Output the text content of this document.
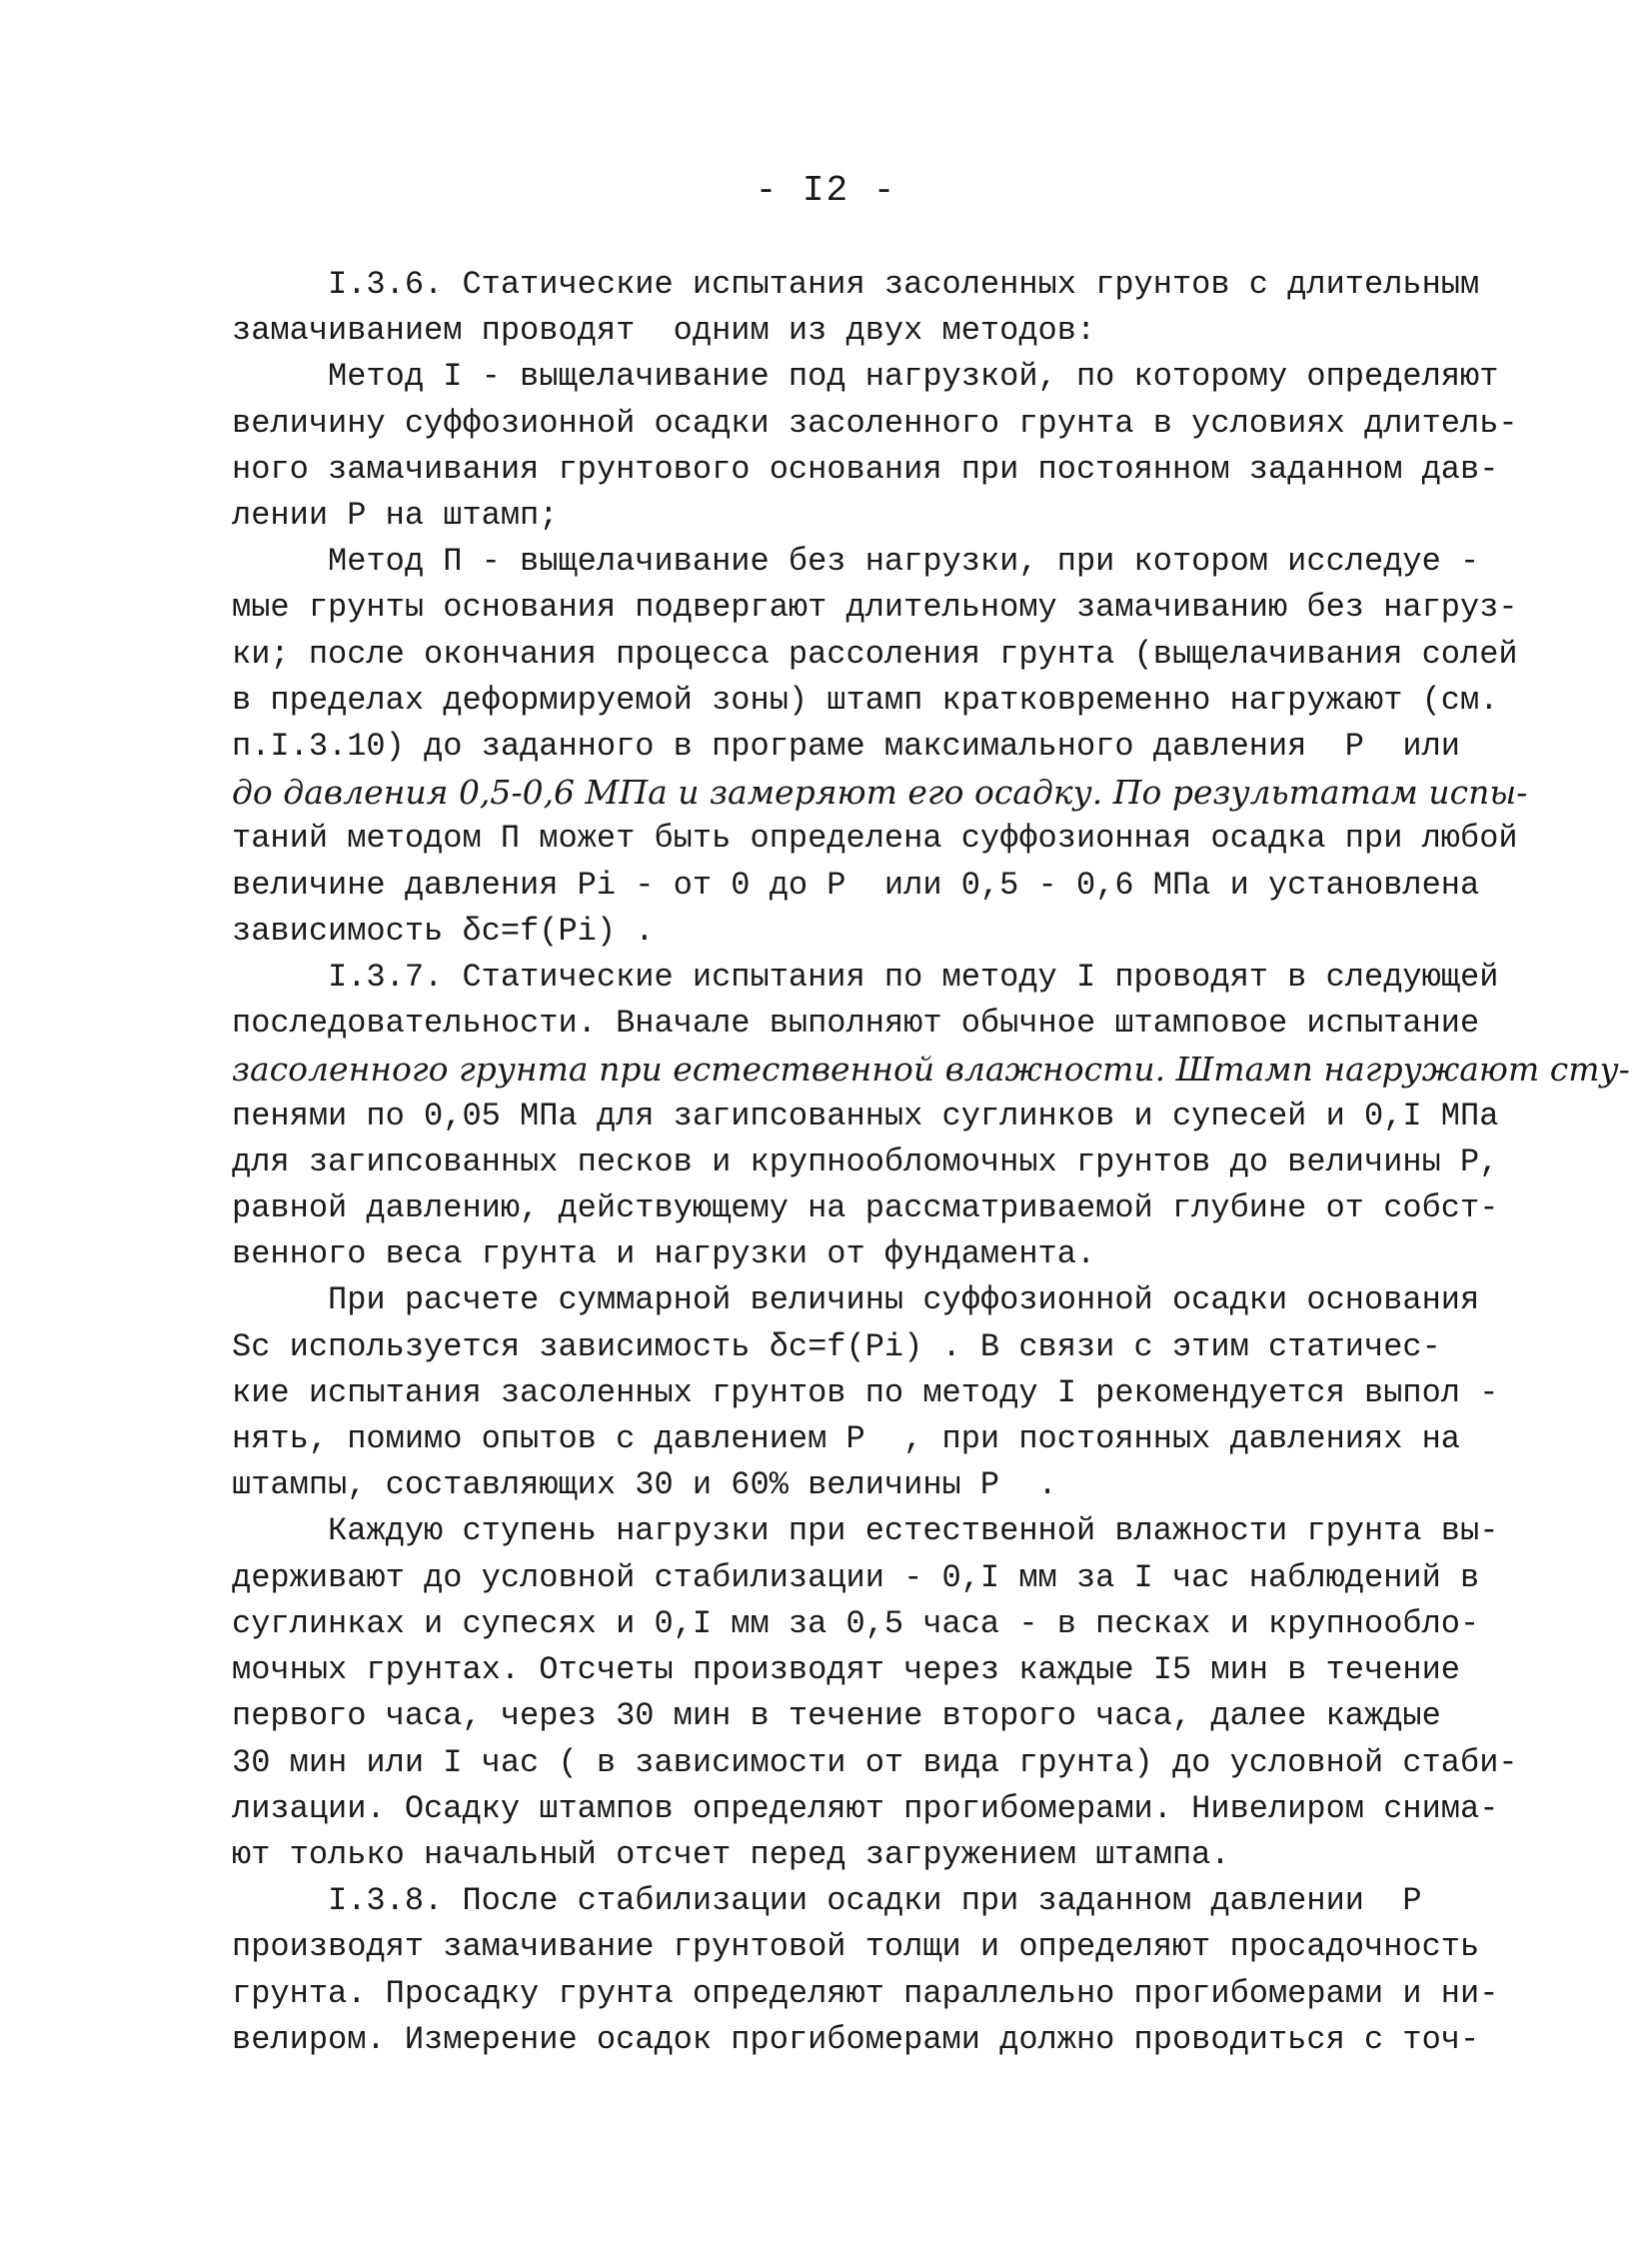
- I2 -
I.3.6. Статические испытания засоленных грунтов с длительным
замачиванием проводят  одним из двух методов:
Метод I - выщелачивание под нагрузкой, по которому определяют
величину суффозионной осадки засоленного грунта в условиях длитель-
ного замачивания грунтового основания при постоянном заданном дав-
лении P на штамп;
Метод П - выщелачивание без нагрузки, при котором исследуе -
мые грунты основания подвергают длительному замачиванию без нагруз-
ки; после окончания процесса рассоления грунта (выщелачивания солей
в пределах деформируемой зоны) штамп кратковременно нагружают (см.
п.I.3.10) до заданного в програме максимального давления  P  или
до давления 0,5-0,6 МПа и замеряют его осадку. По результатам испы-
таний методом П может быть определена суффозионная осадка при любой
величине давления Pi - от 0 до P  или 0,5 - 0,6 МПа и установлена
зависимость δc=f(Pi) .
I.3.7. Статические испытания по методу I проводят в следующей
последовательности. Вначале выполняют обычное штамповое испытание
засоленного грунта при естественной влажности. Штамп нагружают сту-
пенями по 0,05 МПа для загипсованных суглинков и супесей и 0,I МПа
для загипсованных песков и крупнообломочных грунтов до величины P,
равной давлению, действующему на рассматриваемой глубине от собст-
венного веса грунта и нагрузки от фундамента.
При расчете суммарной величины суффозионной осадки основания
Sc используется зависимость δc=f(Pi) . В связи с этим статичес-
кие испытания засоленных грунтов по методу I рекомендуется выпол -
нять, помимо опытов с давлением P  , при постоянных давлениях на
штампы, составляющих 30 и 60% величины P  .
Каждую ступень нагрузки при естественной влажности грунта вы-
держивают до условной стабилизации - 0,I мм за I час наблюдений в
суглинках и супесях и 0,I мм за 0,5 часа - в песках и крупнообло-
мочных грунтах. Отсчеты производят через каждые I5 мин в течение
первого часа, через 30 мин в течение второго часа, далее каждые
30 мин или I час ( в зависимости от вида грунта) до условной стаби-
лизации. Осадку штампов определяют прогибомерами. Нивелиром снима-
ют только начальный отсчет перед загружением штампа.
I.3.8. После стабилизации осадки при заданном давлении  P
производят замачивание грунтовой толщи и определяют просадочность
грунта. Просадку грунта определяют параллельно прогибомерами и ни-
велиром. Измерение осадок прогибомерами должно проводиться с точ-
